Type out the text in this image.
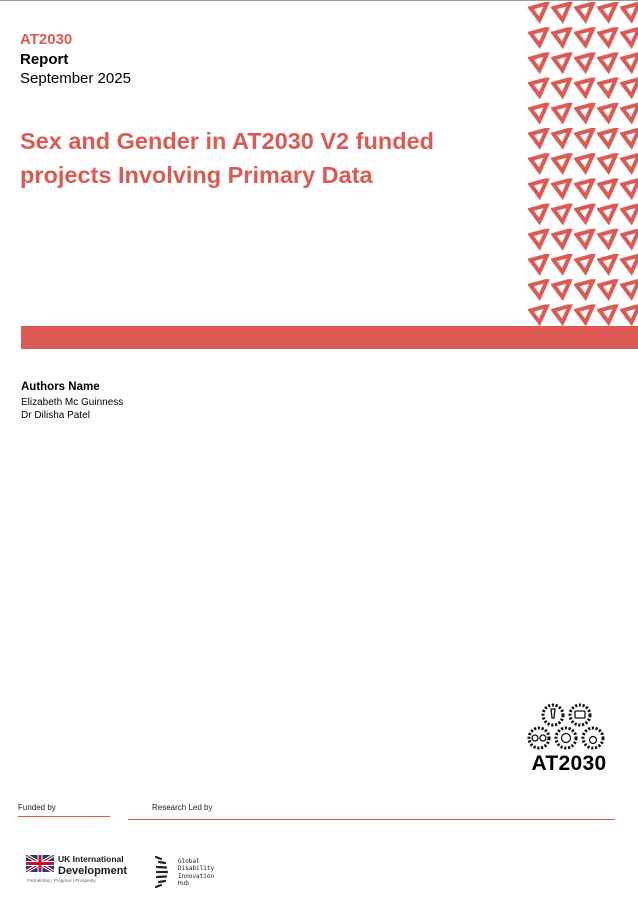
AT2030
Report
September 2025
Sex and Gender in AT2030 V2 funded
projects Involving Primary Data
Authors Name
Elizabeth Mc Guinness
Dr Dilisha Patel
AT2030
Funded by	Research Led by
UK International
Development
Partnership | Progress | Prosperity
Global
Disability
Innovation
Hub
